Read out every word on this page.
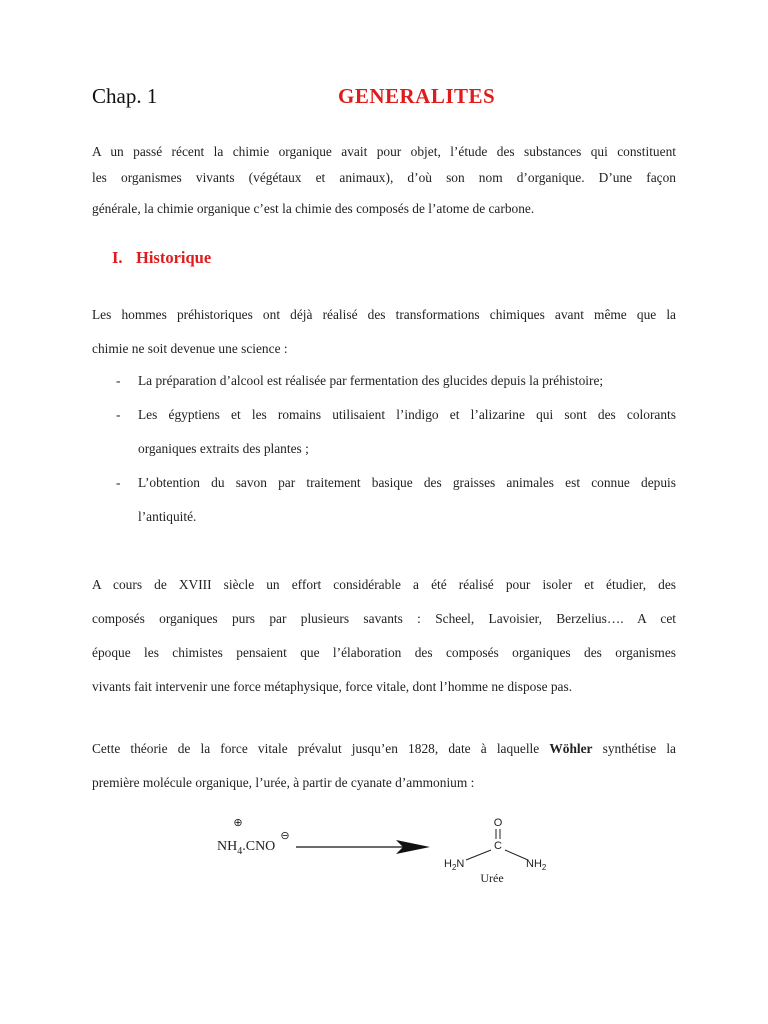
Chap. 1	GENERALITES
A un passé récent la chimie organique avait pour objet, l’étude des substances qui constituent
les organismes vivants (végétaux et animaux), d’où son nom d’organique. D’une façon
générale, la chimie organique c’est la chimie des composés de l’atome de carbone.
I. Historique
Les hommes préhistoriques ont déjà réalisé des transformations chimiques avant même que la
chimie ne soit devenue une science :
- La préparation d’alcool est réalisée par fermentation des glucides depuis la préhistoire;
- Les égyptiens et les romains utilisaient l’indigo et l’alizarine qui sont des colorants
organiques extraits des plantes ;
- L’obtention du savon par traitement basique des graisses animales est connue depuis
l’antiquité.
A cours de XVIII siècle un effort considérable a été réalisé pour isoler et étudier, des
composés organiques purs par plusieurs savants : Scheel, Lavoisier, Berzelius…. A cet
époque les chimistes pensaient que l’élaboration des composés organiques des organismes
vivants fait intervenir une force métaphysique, force vitale, dont l’homme ne dispose pas.
Cette théorie de la force vitale prévalut jusqu’en 1828, date à laquelle Wöhler synthétise la
première molécule organique, l’urée, à partir de cyanate d’ammonium :
⊕
$NH_4.CNO$
⊖
O
C
$H_2N$	$NH_2$
Urée
